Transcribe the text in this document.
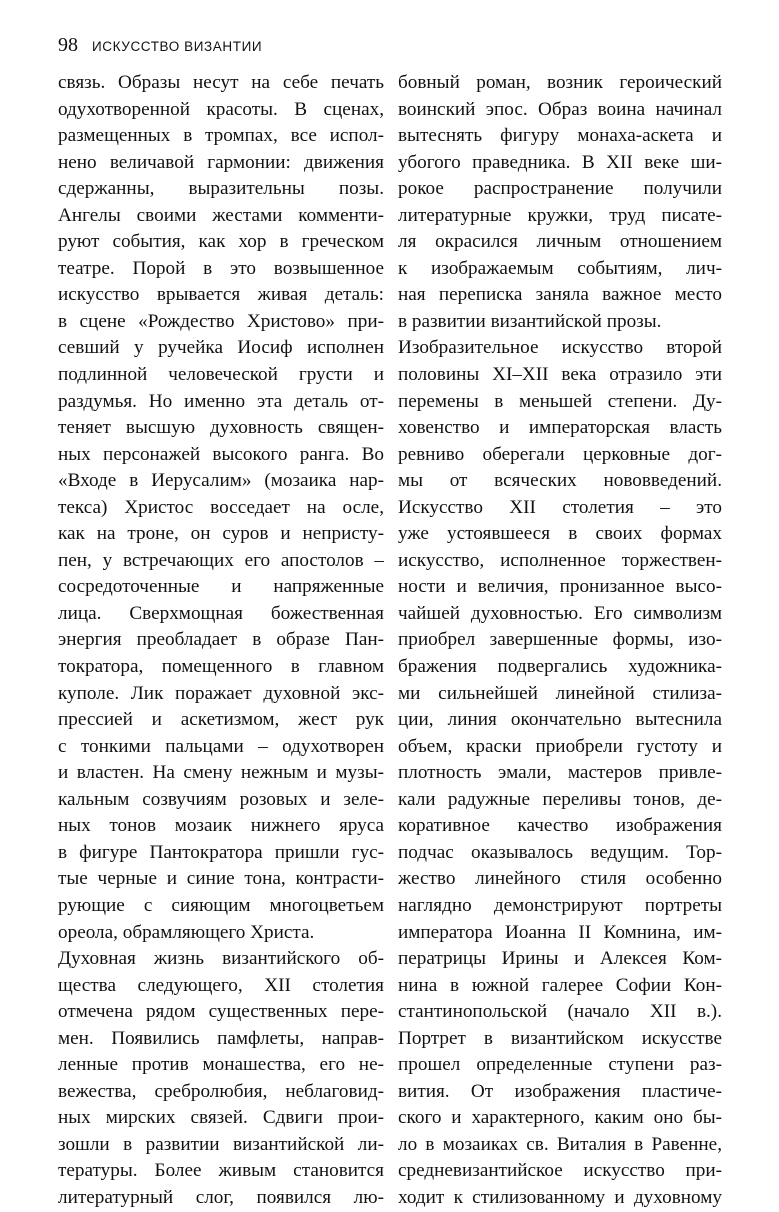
98 ИСКУССТВО ВИЗАНТИИ
связь. Образы несут на себе печать
одухотворенной красоты. В сценах,
размещенных в тромпах, все испол-
нено величавой гармонии: движения
сдержанны, выразительны позы.
Ангелы своими жестами комменти-
руют события, как хор в греческом
театре. Порой в это возвышенное
искусство врывается живая деталь:
в сцене «Рождество Христово» при-
севший у ручейка Иосиф исполнен
подлинной человеческой грусти и
раздумья. Но именно эта деталь от-
теняет высшую духовность священ-
ных персонажей высокого ранга. Во
«Входе в Иерусалим» (мозаика нар-
текса) Христос восседает на осле,
как на троне, он суров и непристу-
пен, у встречающих его апостолов –
сосредоточенные и напряженные
лица. Сверхмощная божественная
энергия преобладает в образе Пан-
тократора, помещенного в главном
куполе. Лик поражает духовной экс-
прессией и аскетизмом, жест рук
с тонкими пальцами – одухотворен
и властен. На смену нежным и музы-
кальным созвучиям розовых и зеле-
ных тонов мозаик нижнего яруса
в фигуре Пантократора пришли гус-
тые черные и синие тона, контрасти-
рующие с сияющим многоцветьем
ореола, обрамляющего Христа.
Духовная жизнь византийского об-
щества следующего, XII столетия
отмечена рядом существенных пере-
мен. Появились памфлеты, направ-
ленные против монашества, его не-
вежества, сребролюбия, неблаговид-
ных мирских связей. Сдвиги прои-
зошли в развитии византийской ли-
тературы. Более живым становится
литературный слог, появился лю-
бовный роман, возник героический
воинский эпос. Образ воина начинал
вытеснять фигуру монаха-аскета и
убогого праведника. В XII веке ши-
рокое распространение получили
литературные кружки, труд писате-
ля окрасился личным отношением
к изображаемым событиям, лич-
ная переписка заняла важное место
в развитии византийской прозы.
Изобразительное искусство второй
половины XI–XII века отразило эти
перемены в меньшей степени. Ду-
ховенство и императорская власть
ревниво оберегали церковные дог-
мы от всяческих нововведений.
Искусство XII столетия – это
уже устоявшееся в своих формах
искусство, исполненное торжествен-
ности и величия, пронизанное высо-
чайшей духовностью. Его символизм
приобрел завершенные формы, изо-
бражения подвергались художника-
ми сильнейшей линейной стилиза-
ции, линия окончательно вытеснила
объем, краски приобрели густоту и
плотность эмали, мастеров привле-
кали радужные переливы тонов, де-
коративное качество изображения
подчас оказывалось ведущим. Тор-
жество линейного стиля особенно
наглядно демонстрируют портреты
императора Иоанна II Комнина, им-
ператрицы Ирины и Алексея Ком-
нина в южной галерее Софии Кон-
стантинопольской (начало XII в.).
Портрет в византийском искусстве
прошел определенные ступени раз-
вития. От изображения пластиче-
ского и характерного, каким оно бы-
ло в мозаиках св. Виталия в Равенне,
средневизантийское искусство при-
ходит к стилизованному и духовному
